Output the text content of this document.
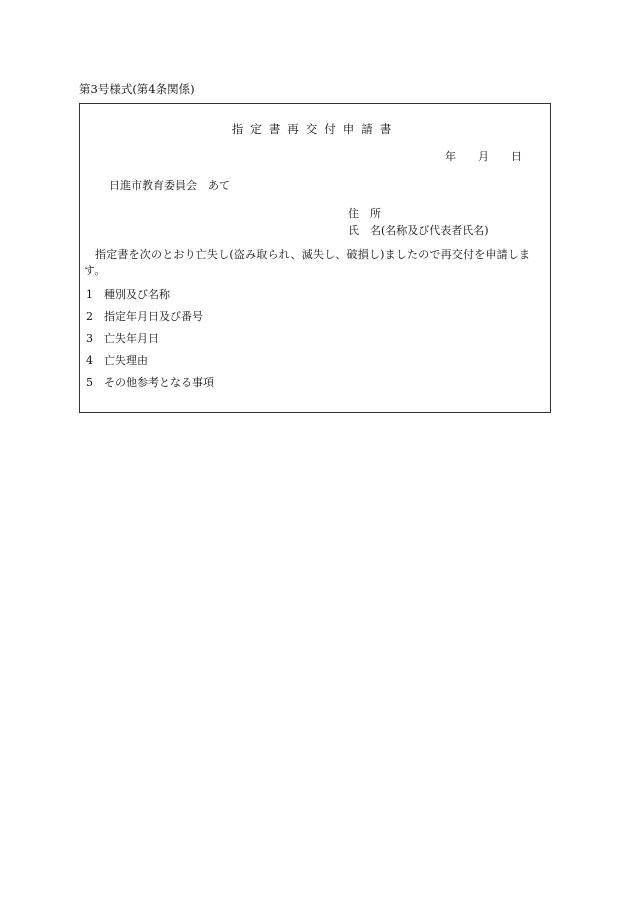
第3号様式(第4条関係)
指定書再交付申請書
年　　月　　日
日進市教育委員会　あて
住　所
氏　名(名称及び代表者氏名)
指定書を次のとおり亡失し(盗み取られ、滅失し、破損し)ましたので再交付を申請します。
1 種別及び名称
2 指定年月日及び番号
3 亡失年月日
4 亡失理由
5 その他参考となる事項
